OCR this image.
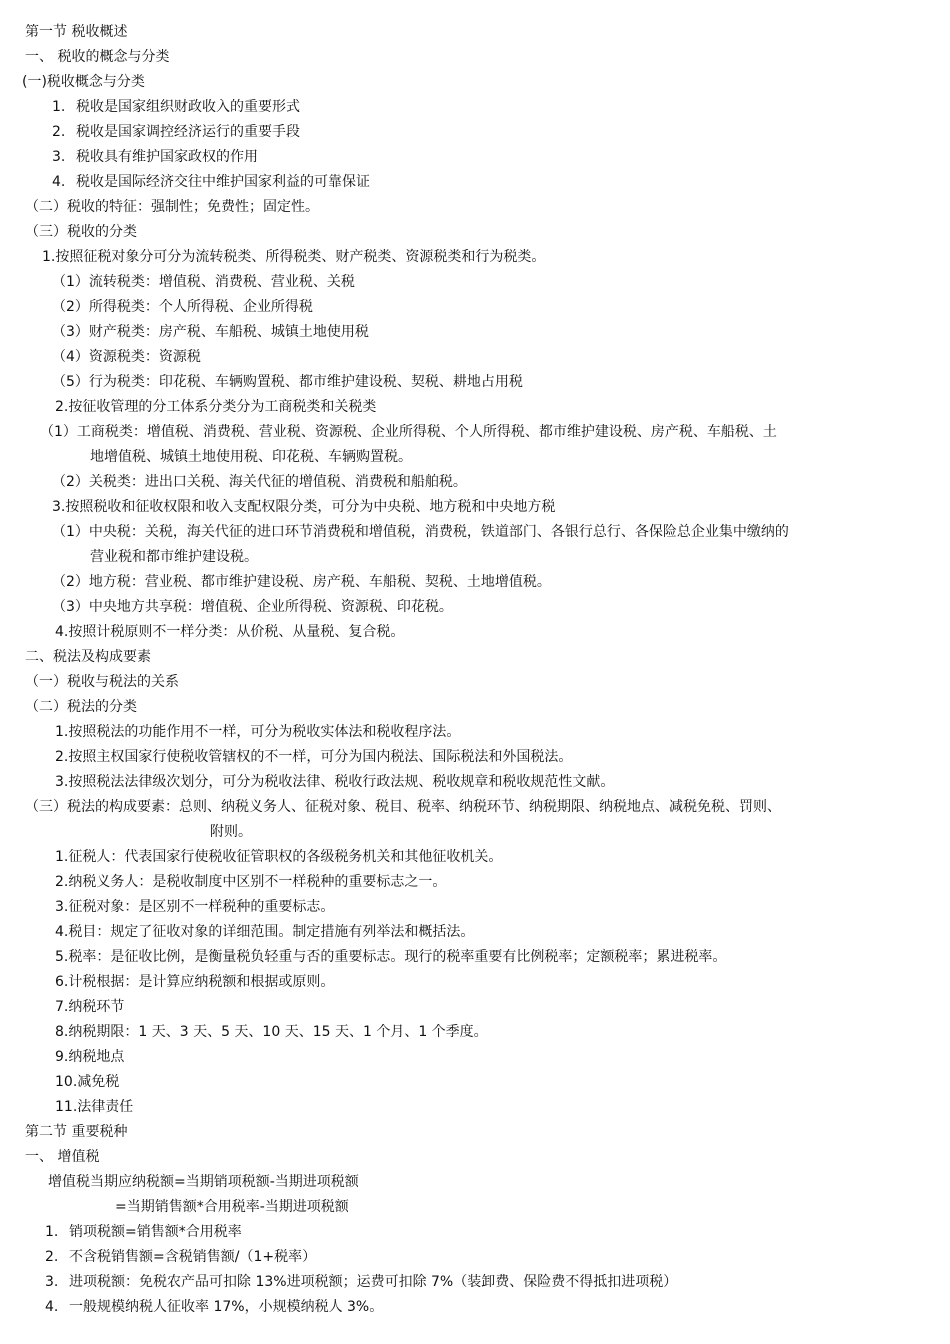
第一节 税收概述
一、 税收的概念与分类
(一)税收概念与分类
1. 税收是国家组织财政收入的重要形式
2. 税收是国家调控经济运行的重要手段
3. 税收具有维护国家政权的作用
4. 税收是国际经济交往中维护国家利益的可靠保证
（二）税收的特征：强制性；免费性；固定性。
（三）税收的分类
1.按照征税对象分可分为流转税类、所得税类、财产税类、资源税类和行为税类。
（1）流转税类：增值税、消费税、营业税、关税
（2）所得税类：个人所得税、企业所得税
（3）财产税类：房产税、车船税、城镇土地使用税
（4）资源税类：资源税
（5）行为税类：印花税、车辆购置税、都市维护建设税、契税、耕地占用税
2.按征收管理的分工体系分类分为工商税类和关税类
（1）工商税类：增值税、消费税、营业税、资源税、企业所得税、个人所得税、都市维护建设税、房产税、车船税、土
地增值税、城镇土地使用税、印花税、车辆购置税。
（2）关税类：进出口关税、海关代征的增值税、消费税和船舶税。
3.按照税收和征收权限和收入支配权限分类，可分为中央税、地方税和中央地方税
（1）中央税：关税，海关代征的进口环节消费税和增值税，消费税，铁道部门、各银行总行、各保险总企业集中缴纳的
营业税和都市维护建设税。
（2）地方税：营业税、都市维护建设税、房产税、车船税、契税、土地增值税。
（3）中央地方共享税：增值税、企业所得税、资源税、印花税。
4.按照计税原则不一样分类：从价税、从量税、复合税。
二、税法及构成要素
（一）税收与税法的关系
（二）税法的分类
1.按照税法的功能作用不一样，可分为税收实体法和税收程序法。
2.按照主权国家行使税收管辖权的不一样，可分为国内税法、国际税法和外国税法。
3.按照税法法律级次划分，可分为税收法律、税收行政法规、税收规章和税收规范性文献。
（三）税法的构成要素：总则、纳税义务人、征税对象、税目、税率、纳税环节、纳税期限、纳税地点、减税免税、罚则、
附则。
1.征税人：代表国家行使税收征管职权的各级税务机关和其他征收机关。
2.纳税义务人：是税收制度中区别不一样税种的重要标志之一。
3.征税对象：是区别不一样税种的重要标志。
4.税目：规定了征收对象的详细范围。制定措施有列举法和概括法。
5.税率：是征收比例，是衡量税负轻重与否的重要标志。现行的税率重要有比例税率；定额税率；累进税率。
6.计税根据：是计算应纳税额和根据或原则。
7.纳税环节
8.纳税期限：1 天、3 天、5 天、10 天、15 天、1 个月、1 个季度。
9.纳税地点
10.减免税
11.法律责任
第二节 重要税种
一、 增值税
增值税当期应纳税额=当期销项税额-当期进项税额
=当期销售额*合用税率-当期进项税额
1. 销项税额=销售额*合用税率
2. 不含税销售额=含税销售额/（1+税率）
3. 进项税额：免税农产品可扣除 13%进项税额；运费可扣除 7%（装卸费、保险费不得抵扣进项税）
4. 一般规模纳税人征收率 17%，小规模纳税人 3%。
